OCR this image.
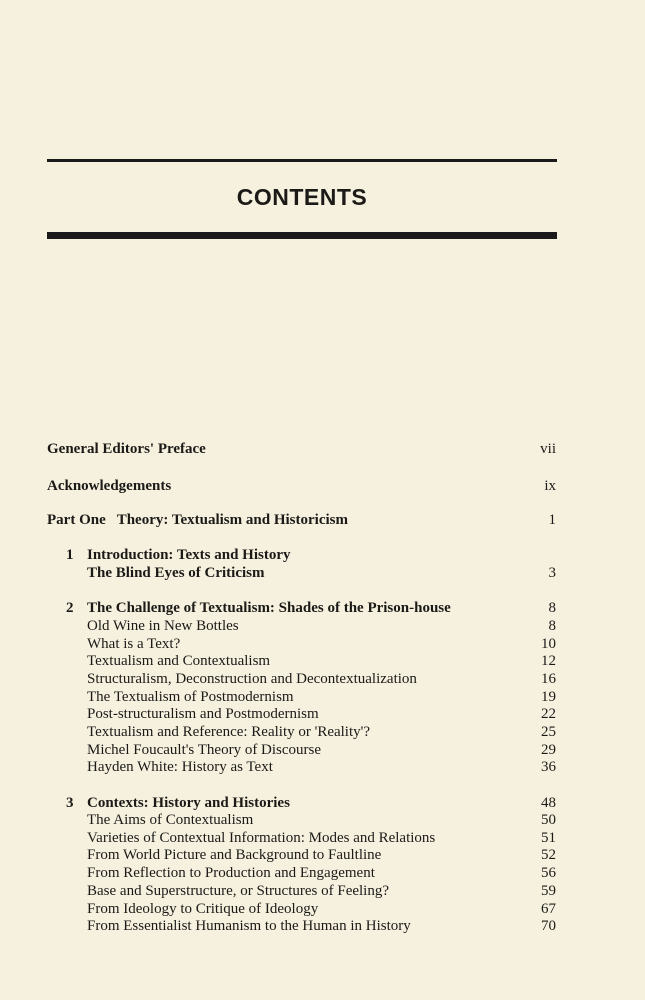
CONTENTS
General Editors' Preface	vii
Acknowledgements	ix
Part One   Theory: Textualism and Historicism	1
1 Introduction: Texts and History
The Blind Eyes of Criticism	3
2 The Challenge of Textualism: Shades of the Prison-house	8
Old Wine in New Bottles	8
What is a Text?	10
Textualism and Contextualism	12
Structuralism, Deconstruction and Decontextualization	16
The Textualism of Postmodernism	19
Post-structuralism and Postmodernism	22
Textualism and Reference: Reality or 'Reality'?	25
Michel Foucault's Theory of Discourse	29
Hayden White: History as Text	36
3 Contexts: History and Histories	48
The Aims of Contextualism	50
Varieties of Contextual Information: Modes and Relations	51
From World Picture and Background to Faultline	52
From Reflection to Production and Engagement	56
Base and Superstructure, or Structures of Feeling?	59
From Ideology to Critique of Ideology	67
From Essentialist Humanism to the Human in History	70
